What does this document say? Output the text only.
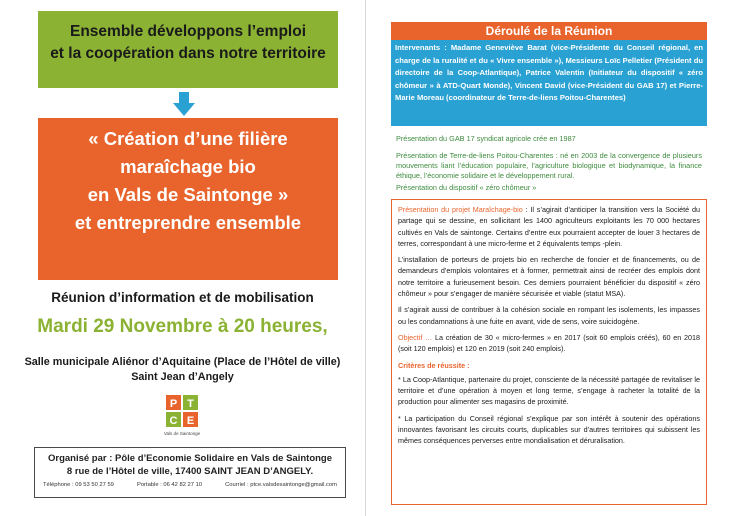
Ensemble développons l’emploi
et la coopération dans notre territoire
« Création d’une filière
maraîchage bio
en Vals de Saintonge »
et entreprendre ensemble
Réunion d’information et de mobilisation
Mardi 29 Novembre à 20 heures,
Salle municipale Aliénor d’Aquitaine (Place de l’Hôtel de ville)
Saint Jean d’Angely
P T
C E
Vals de Saintonge
Organisé par : Pôle d’Economie Solidaire en Vals de Saintonge
8 rue de l’Hôtel de ville, 17400 SAINT JEAN D’ANGELY.
Téléphone : 09 53 50 27 59	Portable : 06 42 82 27 10	Courriel : ptce.valsdesaintonge@gmail.com
Déroulé de la Réunion
Intervenants : Madame Geneviève Barat (vice-Présidente du Conseil régional, en charge de la ruralité et du « Vivre ensemble »), Messieurs Loïc Pelletier (Président du directoire de la Coop-Atlantique), Patrice Valentin (Initiateur du dispositif « zéro chômeur » à ATD-Quart Monde), Vincent David (vice-Président du GAB 17) et Pierre-Marie Moreau (coordinateur de Terre-de-liens Poitou-Charentes)
Présentation du GAB 17 syndicat agricole crée en 1987
Présentation de Terre-de-liens Poitou-Charentes : né en 2003 de la convergence de plusieurs mouvements liant l’éducation populaire, l’agriculture biologique et biodynamique, la finance éthique, l’économie solidaire et le développement rural.
Présentation du dispositif « zéro chômeur »

Présentation du projet Maraîchage-bio : Il s’agirait d’anticiper la transition vers la Société du partage qui se dessine, en sollicitant les 1400 agriculteurs exploitants les 70 000 hectares cultivés en Vals de saintonge. Certains d’entre eux pourraient accepter de louer 3 hectares de terres, correspondant à une micro-ferme et 2 équivalents temps -plein.

L’installation de porteurs de projets bio en recherche de foncier et de financements, ou de demandeurs d’emplois volontaires et à former, permettrait ainsi de recréer des emplois dont notre territoire a furieusement besoin. Ces derniers pourraient bénéficier du dispositif « zéro chômeur » pour s’engager de manière sécurisée et viable (statut MSA).

Il s’agirait aussi de contribuer à la cohésion sociale en rompant les isolements, les impasses ou les condamnations à une fuite en avant, vide de sens, voire suicidogène.

Objectif … La création de 30 « micro-fermes » en 2017 (soit 60 emplois créés), 60 en 2018 (soit 120 emplois) et 120 en 2019 (soit 240 emplois).

Critères de réussite :

* La Coop-Atlantique, partenaire du projet, consciente de la nécessité partagée de revitaliser le territoire et d’une opération à moyen et long terme, s’engage à racheter la totalité de la production pour alimenter ses magasins de proximité.

* La participation du Conseil régional s’explique par son intérêt à soutenir des opérations innovantes favorisant les circuits courts, duplicables sur d’autres territoires qui subissent les mêmes conséquences perverses entre mondialisation et déruralisation.
